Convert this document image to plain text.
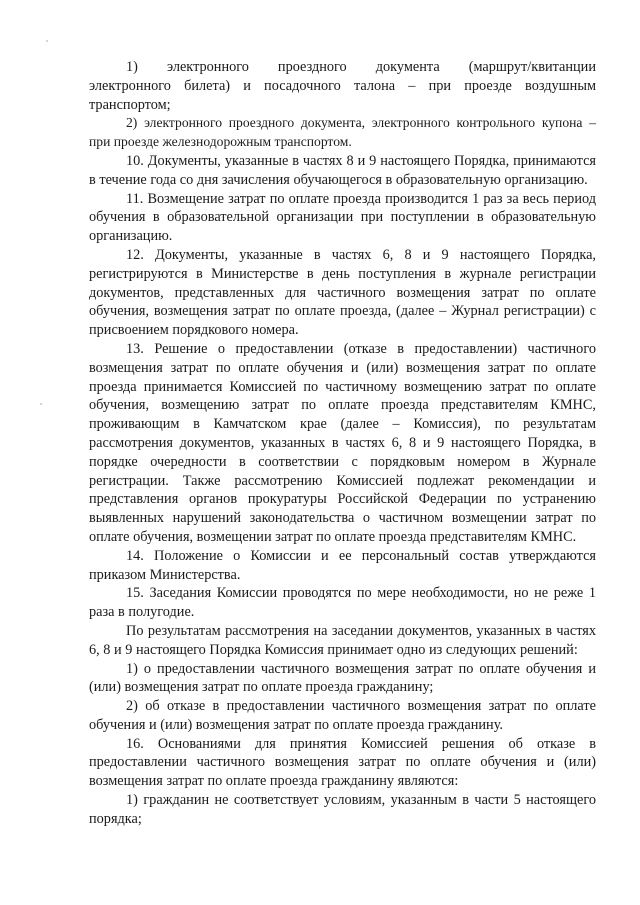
1)    электронного    проездного    документа    (маршрут/квитанции электронного билета) и посадочного талона – при проезде воздушным транспортом;

2) электронного проездного документа, электронного контрольного купона – при проезде железнодорожным транспортом.

10. Документы, указанные в частях 8 и 9 настоящего Порядка, принимаются в течение года со дня зачисления обучающегося в образовательную организацию.

11. Возмещение затрат по оплате проезда производится 1 раз за весь период обучения в образовательной организации при поступлении в образовательную организацию.

12. Документы, указанные в частях 6, 8 и 9 настоящего Порядка, регистрируются в Министерстве в день поступления в журнале регистрации документов, представленных для частичного возмещения затрат по оплате обучения, возмещения затрат по оплате проезда, (далее – Журнал регистрации) с присвоением порядкового номера.

13. Решение о предоставлении (отказе в предоставлении) частичного возмещения затрат по оплате обучения и (или) возмещения затрат по оплате проезда принимается Комиссией по частичному возмещению затрат по оплате обучения, возмещению затрат по оплате проезда представителям КМНС, проживающим в Камчатском крае (далее – Комиссия), по результатам рассмотрения документов, указанных в частях 6, 8 и 9 настоящего Порядка, в порядке очередности в соответствии с порядковым номером в Журнале регистрации. Также рассмотрению Комиссией подлежат рекомендации и представления органов прокуратуры Российской Федерации по устранению выявленных нарушений законодательства о частичном возмещении затрат по оплате обучения, возмещении затрат по оплате проезда представителям КМНС.

14. Положение о Комиссии и ее персональный состав утверждаются приказом Министерства.

15. Заседания Комиссии проводятся по мере необходимости, но не реже 1 раза в полугодие.

По результатам рассмотрения на заседании документов, указанных в частях 6, 8 и 9 настоящего Порядка Комиссия принимает одно из следующих решений:

1) о предоставлении частичного возмещения затрат по оплате обучения и (или) возмещения затрат по оплате проезда гражданину;

2) об отказе в предоставлении частичного возмещения затрат по оплате обучения и (или) возмещения затрат по оплате проезда гражданину.

16. Основаниями для принятия Комиссией решения об отказе в предоставлении частичного возмещения затрат по оплате обучения и (или) возмещения затрат по оплате проезда гражданину являются:

1) гражданин не соответствует условиям, указанным в части 5 настоящего порядка;
